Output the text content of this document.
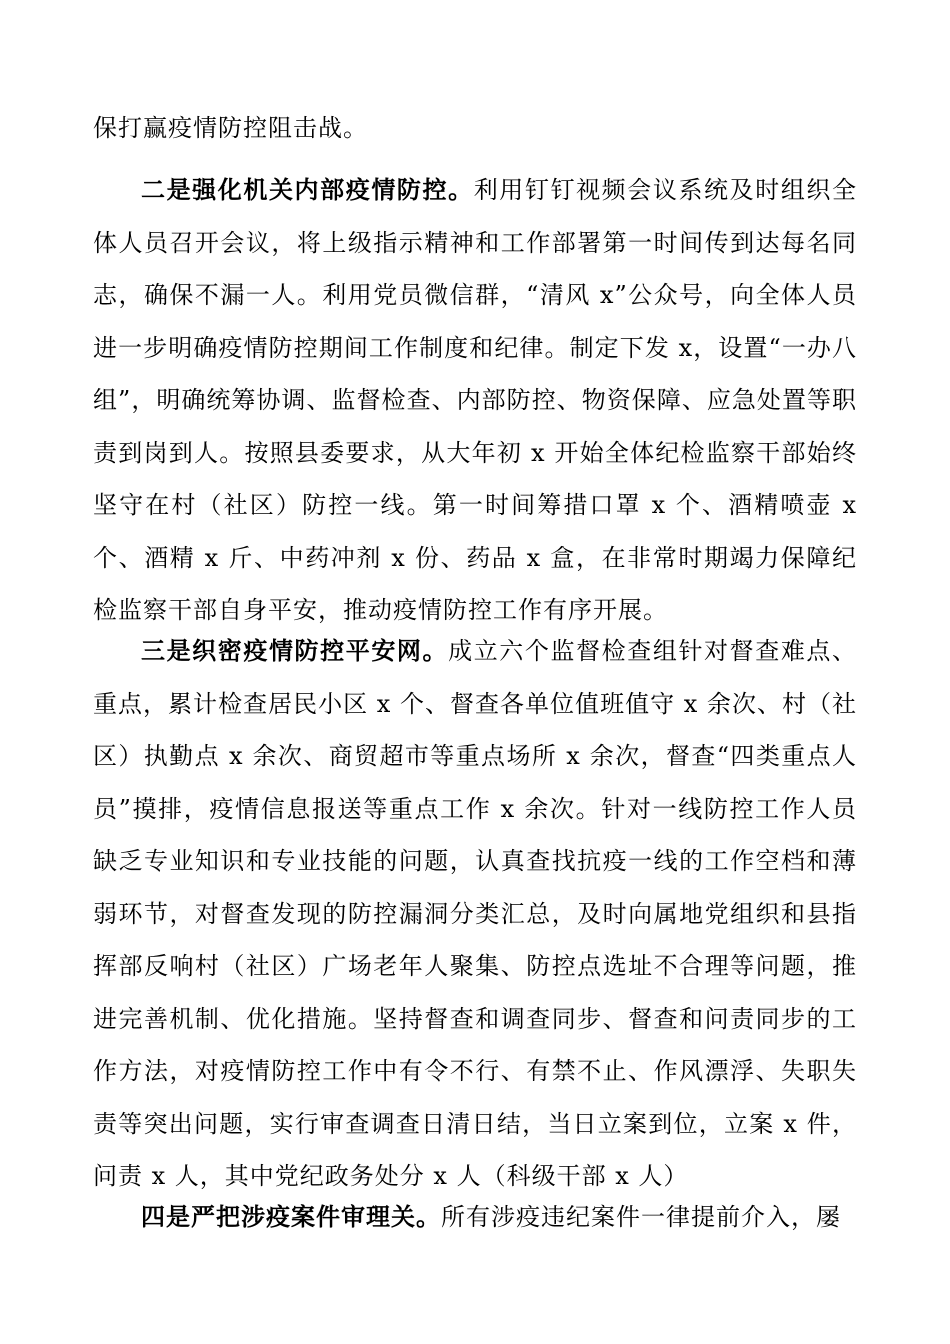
保打赢疫情防控阻击战。

二是强化机关内部疫情防控。利用钉钉视频会议系统及时组织全体人员召开会议，将上级指示精神和工作部署第一时间传到达每名同志，确保不漏一人。利用党员微信群，“清风 x”公众号，向全体人员进一步明确疫情防控期间工作制度和纪律。制定下发 x，设置“一办八组”，明确统筹协调、监督检查、内部防控、物资保障、应急处置等职责到岗到人。按照县委要求，从大年初 x 开始全体纪检监察干部始终坚守在村（社区）防控一线。第一时间筹措口罩 x 个、酒精喷壶 x 个、酒精 x 斤、中药冲剂 x 份、药品 x 盒，在非常时期竭力保障纪检监察干部自身平安，推动疫情防控工作有序开展。

三是织密疫情防控平安网。成立六个监督检查组针对督查难点、重点，累计检查居民小区 x 个、督查各单位值班值守 x 余次、村（社区）执勤点 x 余次、商贸超市等重点场所 x 余次，督查“四类重点人员”摸排，疫情信息报送等重点工作 x 余次。针对一线防控工作人员缺乏专业知识和专业技能的问题，认真查找抗疫一线的工作空档和薄弱环节，对督查发现的防控漏洞分类汇总，及时向属地党组织和县指挥部反响村（社区）广场老年人聚集、防控点选址不合理等问题，推进完善机制、优化措施。坚持督查和调查同步、督查和问责同步的工作方法，对疫情防控工作中有令不行、有禁不止、作风漂浮、失职失责等突出问题，实行审查调查日清日结，当日立案到位，立案 x 件，问责 x 人，其中党纪政务处分 x 人（科级干部 x 人）

四是严把涉疫案件审理关。所有涉疫违纪案件一律提前介入，屡
